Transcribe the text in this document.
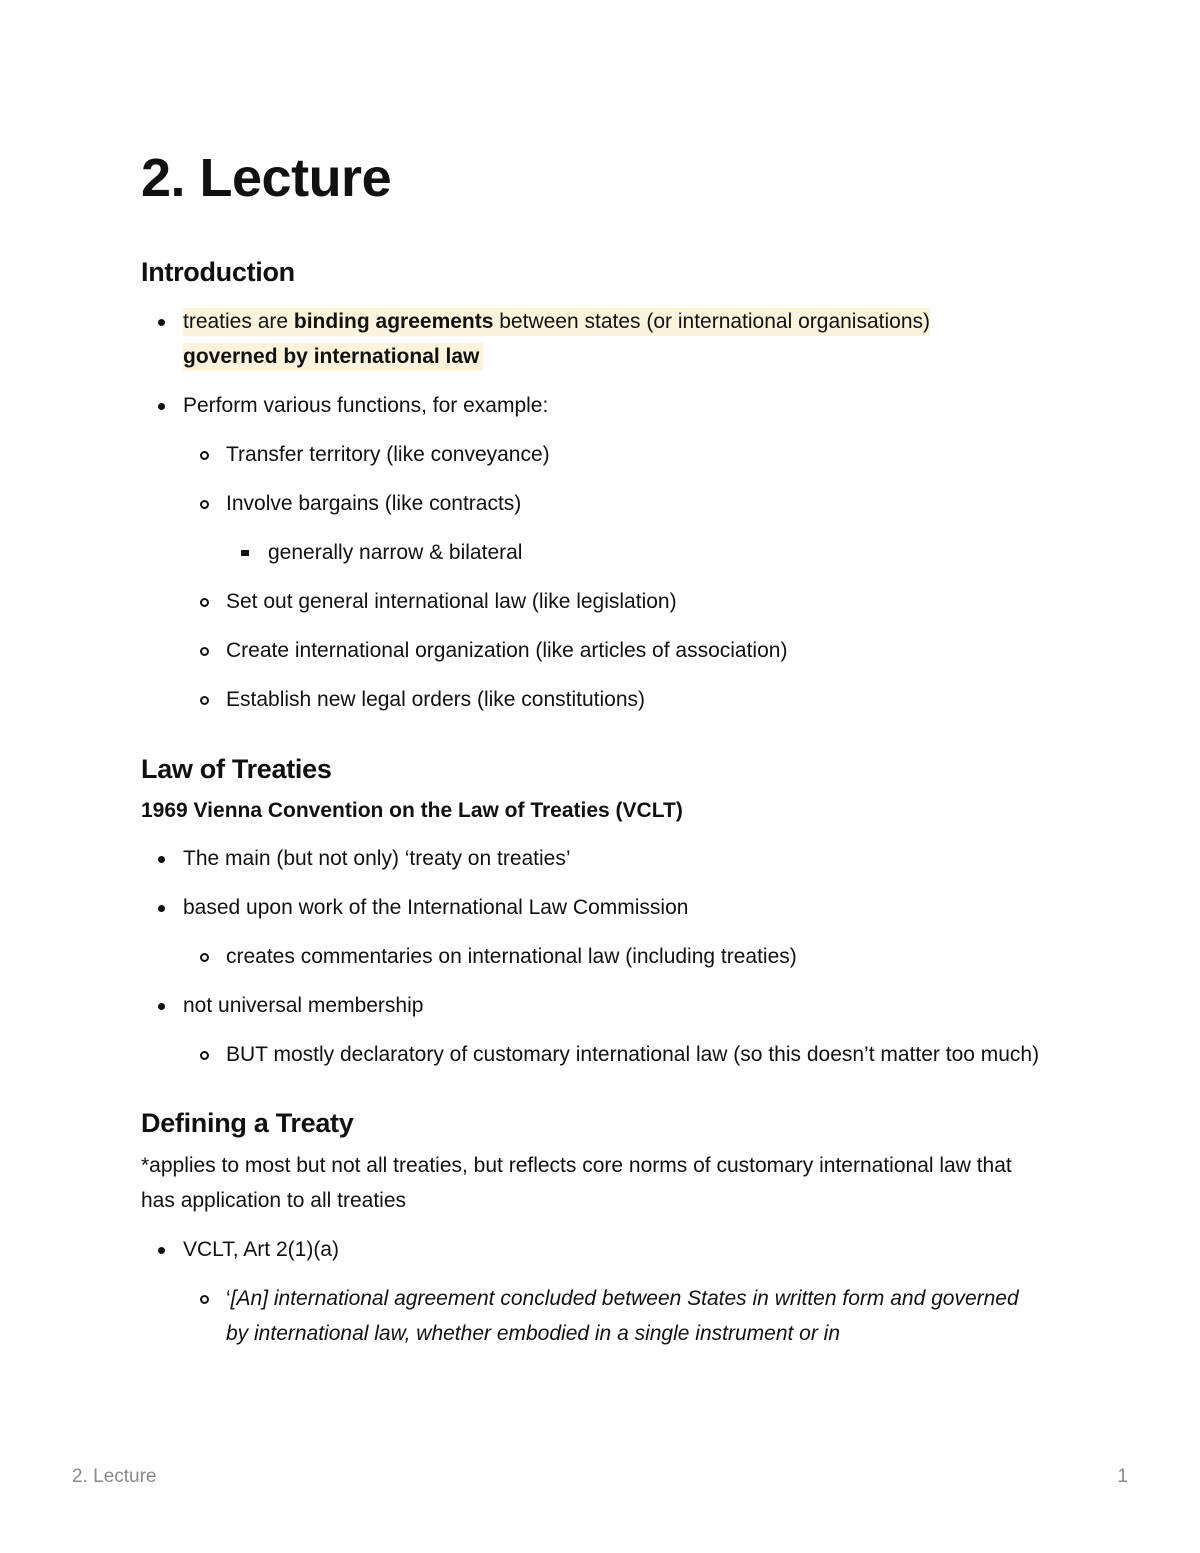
2. Lecture
Introduction
treaties are binding agreements between states (or international organisations)
governed by international law
Perform various functions, for example:
Transfer territory (like conveyance)
Involve bargains (like contracts)
generally narrow & bilateral
Set out general international law (like legislation)
Create international organization (like articles of association)
Establish new legal orders (like constitutions)
Law of Treaties

1969 Vienna Convention on the Law of Treaties (VCLT)

The main (but not only) ‘treaty on treaties’
based upon work of the International Law Commission
creates commentaries on international law (including treaties)
not universal membership
BUT mostly declaratory of customary international law (so this doesn’t matter too much)
Defining a Treaty

*applies to most but not all treaties, but reflects core norms of customary international law that has application to all treaties

VCLT, Art 2(1)(a)
‘[An] international agreement concluded between States in written form and governed by international law, whether embodied in a single instrument or in
2. Lecture	1
